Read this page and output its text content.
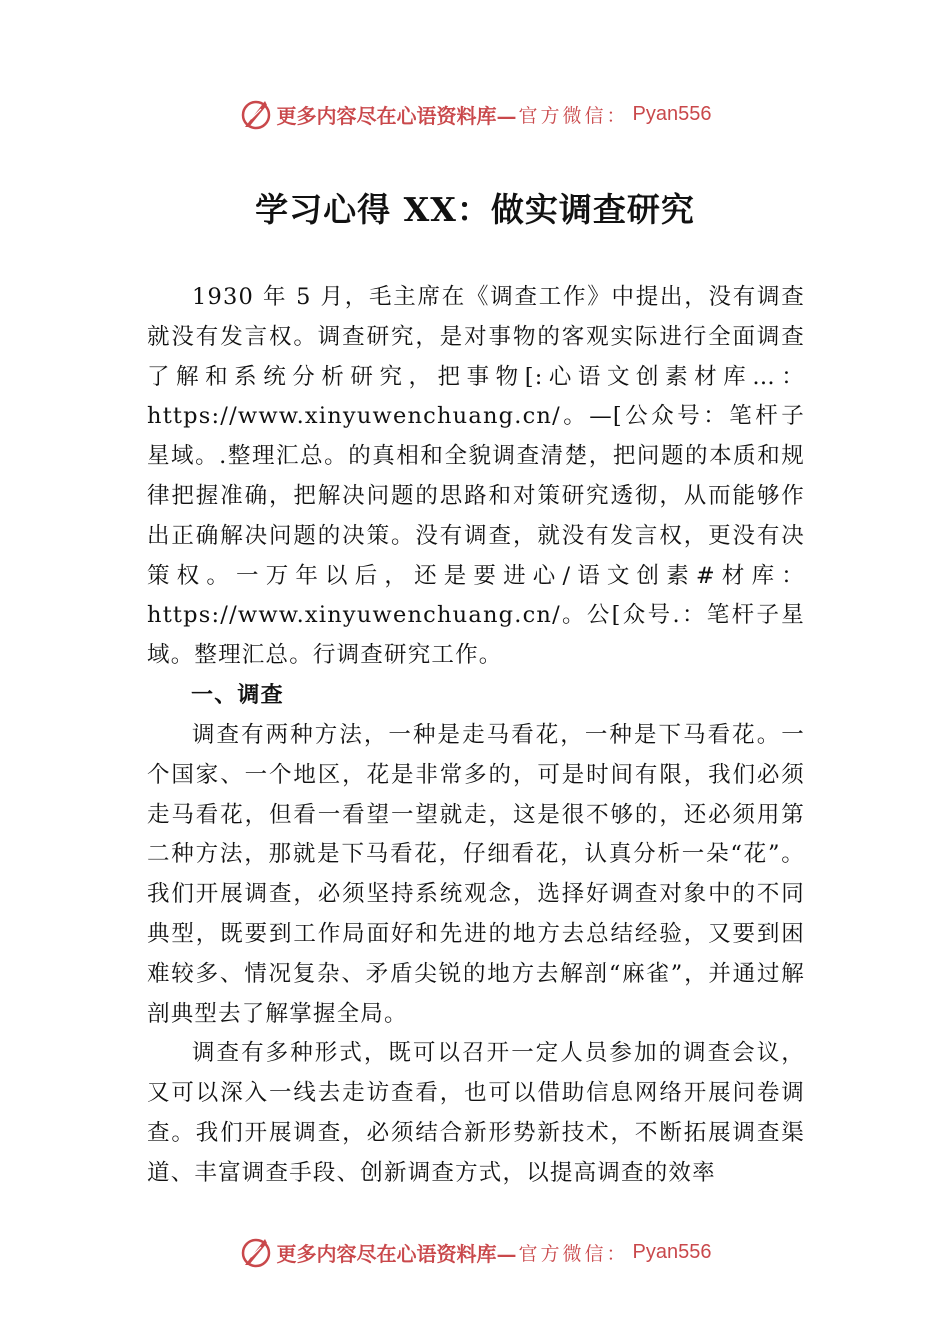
更多内容尽在心语资料库— 官方微信： Pyan556
学习心得 XX：做实调查研究

1930 年 5 月，毛主席在《调查工作》中提出，没有调查就没有发言权。调查研究，是对事物的客观实际进行全面调查了解和系统分析研究，把事物[:心语文创素材库…：https://www.xinyuwenchuang.cn/。—[公众号：笔杆子星域。.整理汇总。的真相和全貌调查清楚，把问题的本质和规律把握准确，把解决问题的思路和对策研究透彻，从而能够作出正确解决问题的决策。没有调查，就没有发言权，更没有决策权。一万年以后，还是要进心/语文创素#材库：https://www.xinyuwenchuang.cn/。公[众号.：笔杆子星域。整理汇总。行调查研究工作。

一、调查

调查有两种方法，一种是走马看花，一种是下马看花。一个国家、一个地区，花是非常多的，可是时间有限，我们必须走马看花，但看一看望一望就走，这是很不够的，还必须用第二种方法，那就是下马看花，仔细看花，认真分析一朵“花”。我们开展调查，必须坚持系统观念，选择好调查对象中的不同典型，既要到工作局面好和先进的地方去总结经验，又要到困难较多、情况复杂、矛盾尖锐的地方去解剖“麻雀”，并通过解剖典型去了解掌握全局。

调查有多种形式，既可以召开一定人员参加的调查会议，又可以深入一线去走访查看，也可以借助信息网络开展问卷调查。我们开展调查，必须结合新形势新技术，不断拓展调查渠道、丰富调查手段、创新调查方式，以提高调查的效率

更多内容尽在心语资料库— 官方微信： Pyan556
